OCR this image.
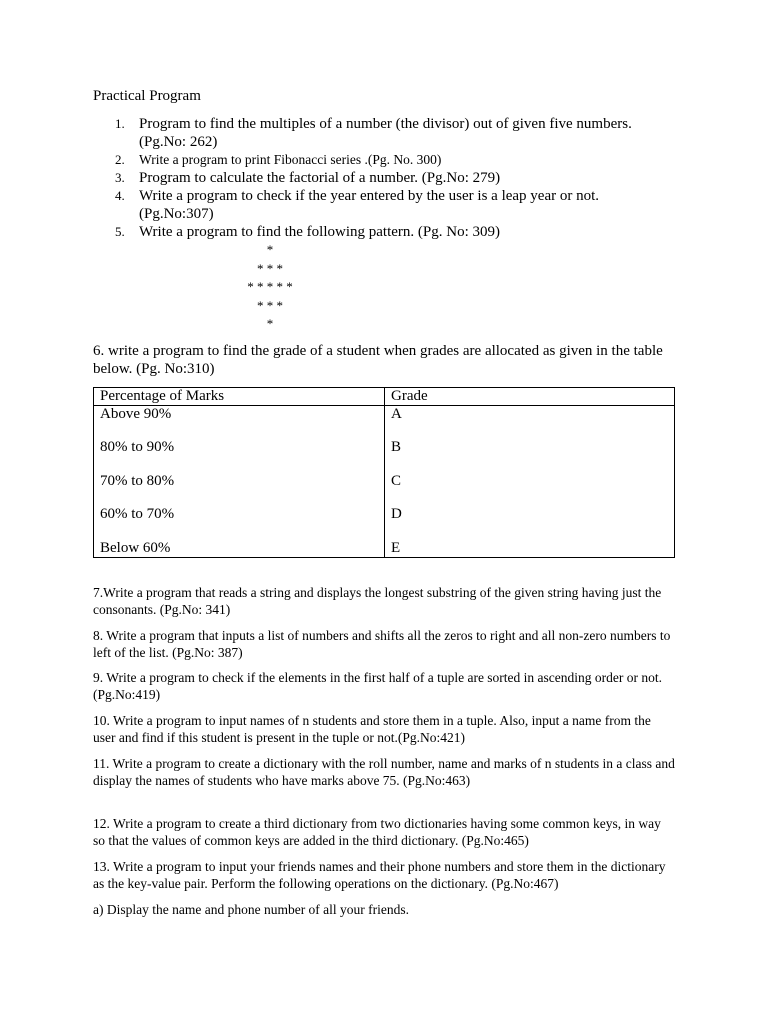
Practical Program
1. Program to find the multiples of a number (the divisor) out of given five numbers. (Pg.No: 262)
2. Write a program to print Fibonacci series .(Pg. No. 300)
3. Program to calculate the factorial of a number. (Pg.No: 279)
4. Write a program to check if the year entered by the user is a leap year or not. (Pg.No:307)
5. Write a program to find the following pattern. (Pg. No: 309)
*
* * *
* * * * *
* * *
*
6. write a program to find the grade of a student when grades are allocated as given in the table below. (Pg. No:310)
Percentage of Marks	Grade
Above 90%	A
80% to 90%	B
70% to 80%	C
60% to 70%	D
Below 60%	E
7.Write a program that reads a string and displays the longest substring of the given string having just the consonants. (Pg.No: 341)
8. Write a program that inputs a list of numbers and shifts all the zeros to right and all non-zero numbers to left of the list. (Pg.No: 387)
9. Write a program to check if the elements in the first half of a tuple are sorted in ascending order or not. (Pg.No:419)
10. Write a program to input names of n students and store them in a tuple. Also, input a name from the user and find if this student is present in the tuple or not.(Pg.No:421)
11. Write a program to create a dictionary with the roll number, name and marks of n students in a class and display the names of students who have marks above 75. (Pg.No:463)
12. Write a program to create a third dictionary from two dictionaries having some common keys, in way so that the values of common keys are added in the third dictionary. (Pg.No:465)
13. Write a program to input your friends names and their phone numbers and store them in the dictionary as the key-value pair. Perform the following operations on the dictionary. (Pg.No:467)
a) Display the name and phone number of all your friends.
